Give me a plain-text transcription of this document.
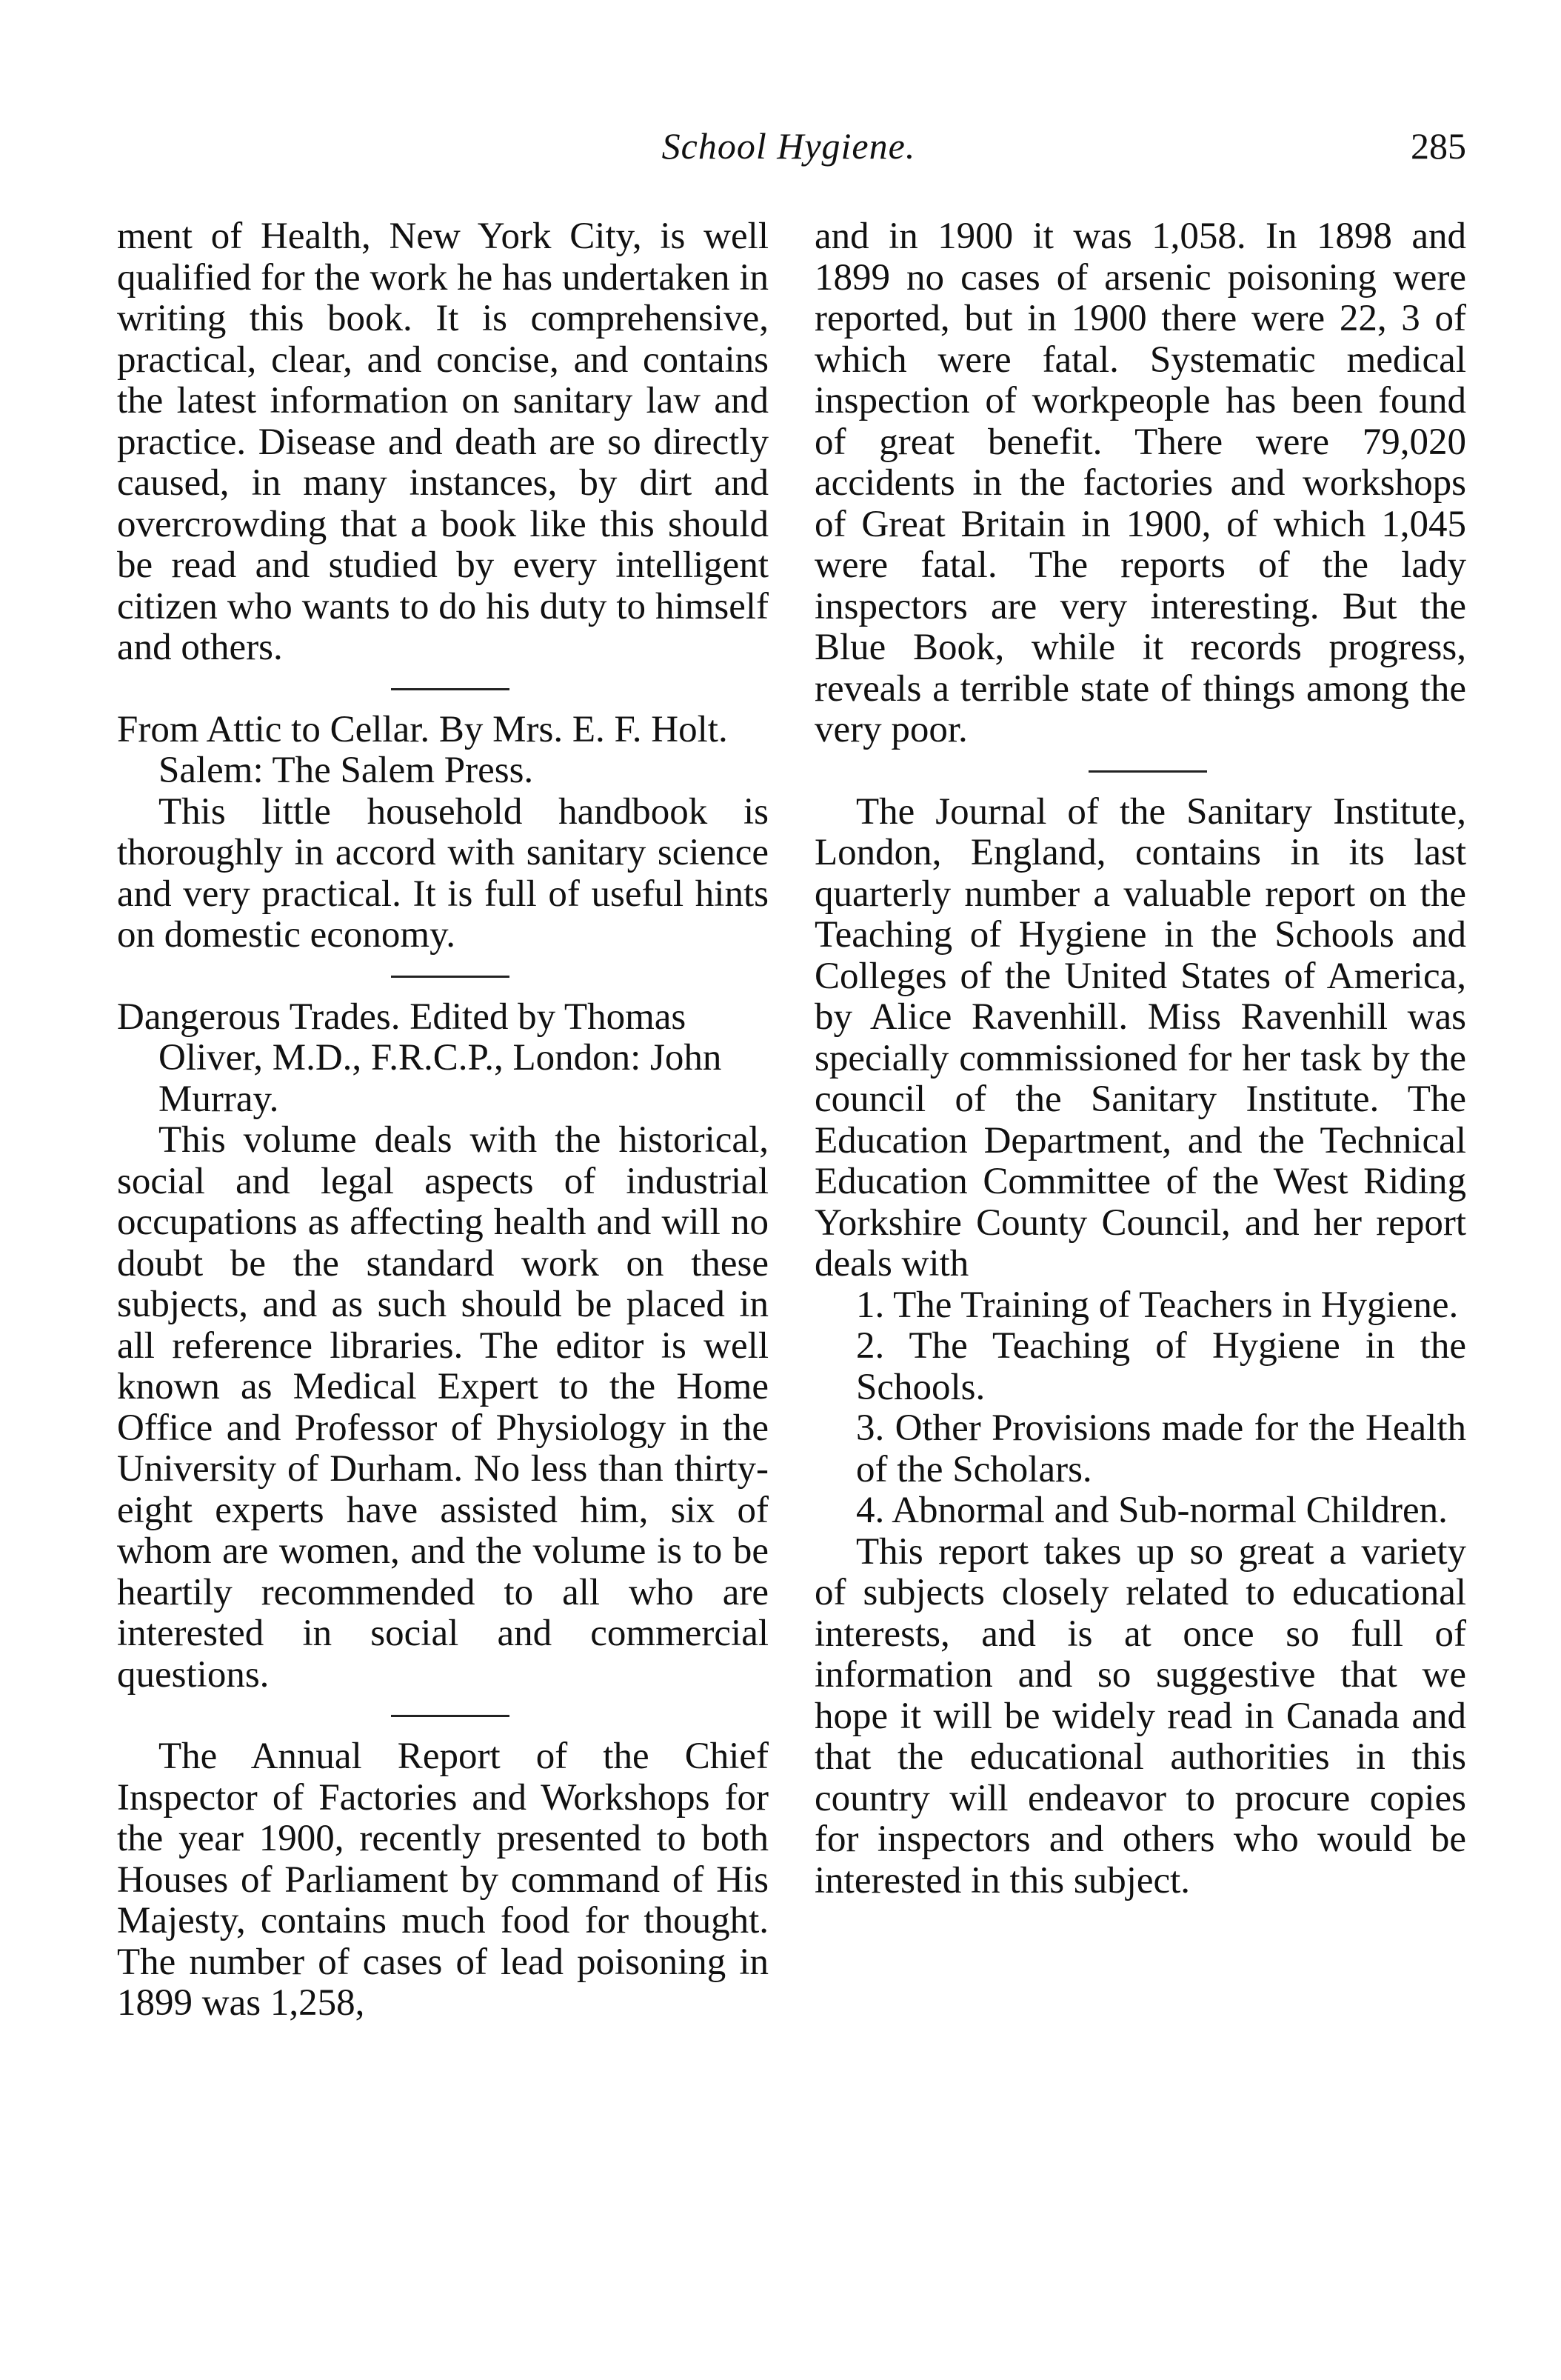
School Hygiene.	285

ment of Health, New York City, is well qualified for the work he has undertaken in writing this book. It is comprehensive, practical, clear, and concise, and contains the latest information on sanitary law and practice. Disease and death are so directly caused, in many instances, by dirt and overcrowding that a book like this should be read and studied by every intelligent citizen who wants to do his duty to himself and others.

From Attic to Cellar. By Mrs. E. F. Holt. Salem: The Salem Press.

This little household handbook is thoroughly in accord with sanitary science and very practical. It is full of useful hints on domestic economy.

Dangerous Trades. Edited by Thomas Oliver, M.D., F.R.C.P., London: John Murray.

This volume deals with the historical, social and legal aspects of industrial occupations as affecting health and will no doubt be the standard work on these subjects, and as such should be placed in all reference libraries. The editor is well known as Medical Expert to the Home Office and Professor of Physiology in the University of Durham. No less than thirty-eight experts have assisted him, six of whom are women, and the volume is to be heartily recommended to all who are interested in social and commercial questions.

The Annual Report of the Chief Inspector of Factories and Workshops for the year 1900, recently presented to both Houses of Parliament by command of His Majesty, contains much food for thought. The number of cases of lead poisoning in 1899 was 1,258,

and in 1900 it was 1,058. In 1898 and 1899 no cases of arsenic poisoning were reported, but in 1900 there were 22, 3 of which were fatal. Systematic medical inspection of workpeople has been found of great benefit. There were 79,020 accidents in the factories and workshops of Great Britain in 1900, of which 1,045 were fatal. The reports of the lady inspectors are very interesting. But the Blue Book, while it records progress, reveals a terrible state of things among the very poor.

The Journal of the Sanitary Institute, London, England, contains in its last quarterly number a valuable report on the Teaching of Hygiene in the Schools and Colleges of the United States of America, by Alice Ravenhill. Miss Ravenhill was specially commissioned for her task by the council of the Sanitary Institute. The Education Department, and the Technical Education Committee of the West Riding Yorkshire County Council, and her report deals with

1. The Training of Teachers in Hygiene.

2. The Teaching of Hygiene in the Schools.

3. Other Provisions made for the Health of the Scholars.

4. Abnormal and Sub-normal Children.

This report takes up so great a variety of subjects closely related to educational interests, and is at once so full of information and so suggestive that we hope it will be widely read in Canada and that the educational authorities in this country will endeavor to procure copies for inspectors and others who would be interested in this subject.
